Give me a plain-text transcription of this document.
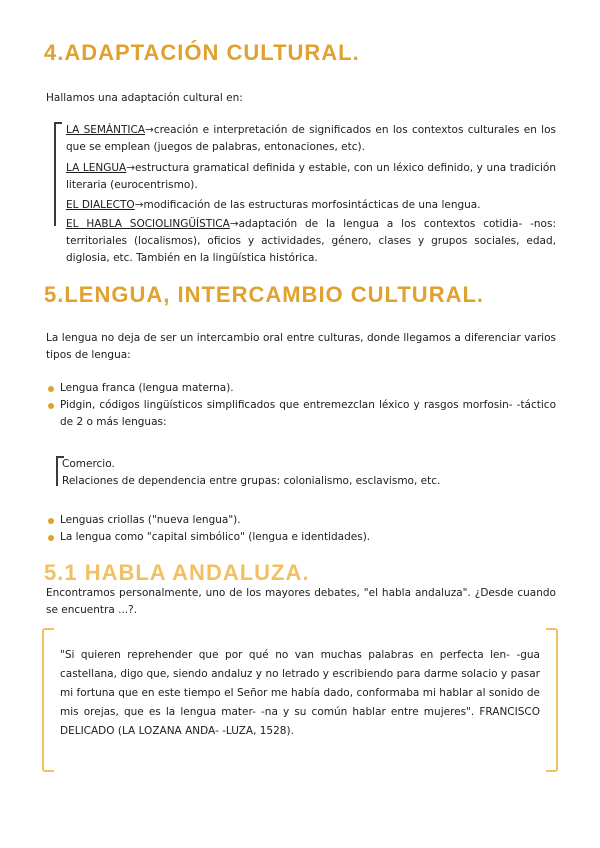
4.ADAPTACIÓN CULTURAL.

Hallamos una adaptación cultural en:

LA SEMÁNTICA→creación e interpretación de significados en los contextos culturales en los que se emplean (juegos de palabras, entonaciones, etc).
LA LENGUA→estructura gramatical definida y estable, con un léxico definido, y una tradición literaria (eurocentrismo).
EL DIALECTO→modificación de las estructuras morfosintácticas de una lengua.
EL HABLA SOCIOLINGÜÍSTICA→adaptación de la lengua a los contextos cotidia- -nos: territoriales (localismos), oficios y actividades, género, clases y grupos sociales, edad, diglosia, etc. También en la lingüística histórica.
5.LENGUA, INTERCAMBIO CULTURAL.

La lengua no deja de ser un intercambio oral entre culturas, donde llegamos a diferenciar varios tipos de lengua:

Lengua franca (lengua materna).
Pidgin, códigos lingüísticos simplificados que entremezclan léxico y rasgos morfosin- -táctico de 2 o más lenguas:
Comercio.
Relaciones de dependencia entre grupas: colonialismo, esclavismo, etc.
Lenguas criollas ("nueva lengua").
La lengua como "capital simbólico" (lengua e identidades).
5.1 HABLA ANDALUZA.

Encontramos personalmente, uno de los mayores debates, "el habla andaluza". ¿Desde cuando se encuentra ...?.

"Si quieren reprehender que por qué no van muchas palabras en perfecta len- -gua castellana, digo que, siendo andaluz y no letrado y escribiendo para darme solacio y pasar mi fortuna que en este tiempo el Señor me había dado, conformaba mi hablar al sonido de mis orejas, que es la lengua mater- -na y su común hablar entre mujeres". FRANCISCO DELICADO (LA LOZANA ANDA- -LUZA, 1528).
